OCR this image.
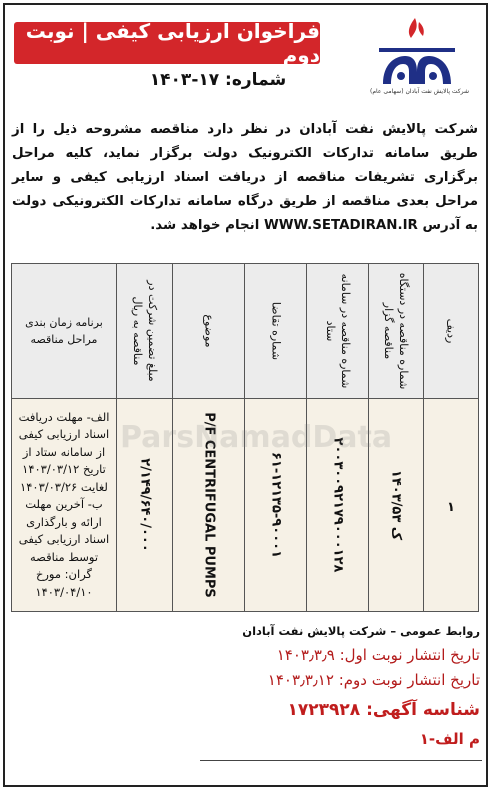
شرکت پالایش نفت آبادان (سهامی عام)
فراخوان ارزیابی کیفی | نوبت دوم
شماره: ۱۷-۱۴۰۳
شرکت پالایش نفت آبادان در نظر دارد مناقصه مشروحه ذیل را از طریق سامانه تدارکات الکترونیک دولت برگزار نماید، کلیه مراحل برگزاری تشریفات مناقصه از دریافت اسناد ارزیابی کیفی و سایر مراحل بعدی مناقصه از طریق درگاه سامانه تدارکات الکترونیکی دولت به آدرس WWW.SETADIRAN.IR انجام خواهد شد.
ردیف	شماره مناقصه در دستگاه مناقصه گزار	شماره مناقصه در سامانه ستاد	شماره تقاضا	موضوع	مبلغ تضمین شرکت در مناقصه به ریال	برنامه زمان بندی مراحل مناقصه

۱	ک ۱۴۰۳/۵۳	۲۰۰۳۰۰۹۲۱۷۹۰۰۰۱۲۸	۶۱-۱۲۱۳۵-۹۰۰۰۱	P/F CENTRIFUGAL PUMPS	۲/۱۴۹/۶۴۰/۰۰۰	الف- مهلت دریافت اسناد ارزیابی کیفی از سامانه ستاد از تاریخ ۱۴۰۳/۰۳/۱۲ لغایت ۱۴۰۳/۰۳/۲۶ ب- آخرین مهلت ارائه و بارگذاری اسناد ارزیابی کیفی توسط مناقصه گران: مورخ ۱۴۰۳/۰۴/۱۰
روابط عمومی – شرکت پالایش نفت آبادان
تاریخ انتشار نوبت اول: ۱۴۰۳٫۳٫۹
تاریخ انتشار نوبت دوم: ۱۴۰۳٫۳٫۱۲
شناسه آگهی: ۱۷۲۳۹۲۸
م الف-۱
